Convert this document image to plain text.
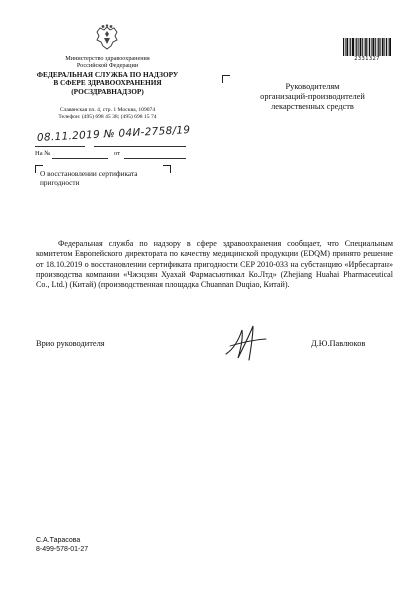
Министерство здравоохранения
Российской Федерации
ФЕДЕРАЛЬНАЯ СЛУЖБА ПО НАДЗОРУ
В СФЕРЕ ЗДРАВООХРАНЕНИЯ
(РОСЗДРАВНАДЗОР)
Славянская пл. 4, стр. 1 Москва, 109074
Телефон: (495) 698 45 38; (495) 698 15 74
2331327
Руководителям
организаций-производителей
лекарственных средств
08.11.2019 № 04И-2758/19
На №	от
О восстановлении сертификата
пригодности

Федеральная служба по надзору в сфере здравоохранения сообщает, что Специальным комитетом Европейского директората по качеству медицинской продукции (EDQM) принято решение от 18.10.2019 о восстановлении сертификата пригодности CEP 2010-033 на субстанцию «Ирбесартан» производства компании «Чжэцзян Хуахай Фармасьютикал Ко.Лтд» (Zhejiang Huahai Pharmaceutical Co., Ltd.) (Китай) (производственная площадка Chuannan Duqiao, Китай).

Врио руководителя	Д.Ю.Павлюков
С.А.Тарасова
8-499-578-01-27
